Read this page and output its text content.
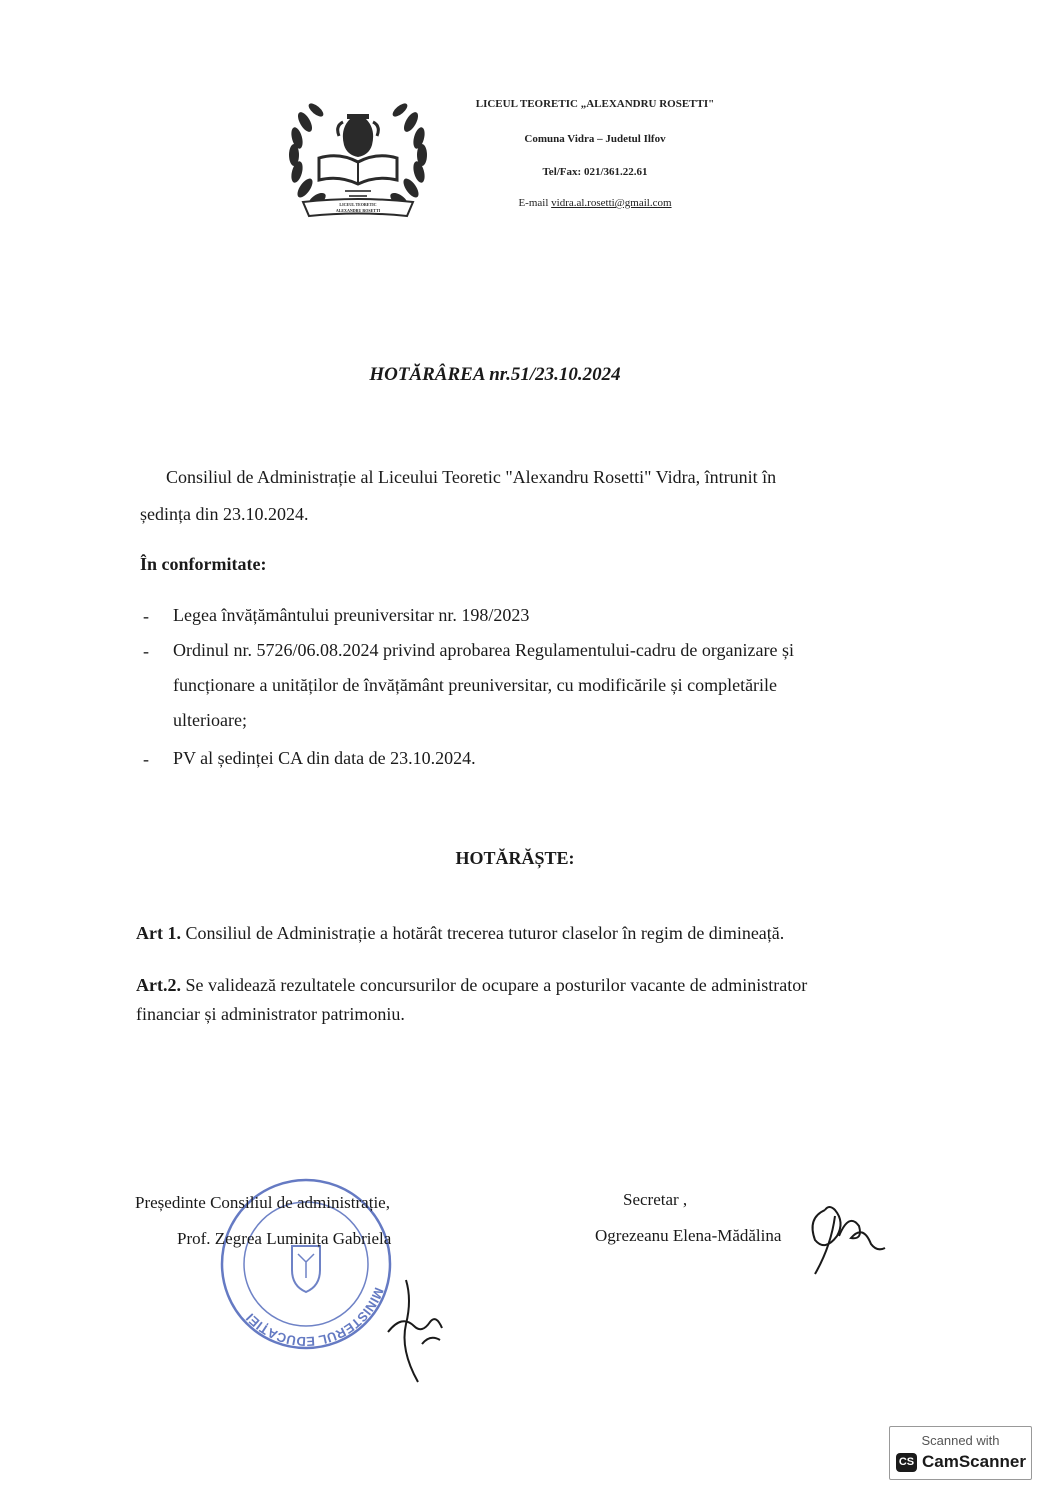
LICEUL TEORETIC
ALEXANDRU ROSETTI
LICEUL TEORETIC „ALEXANDRU ROSETTI"
Comuna Vidra – Judetul Ilfov
Tel/Fax: 021/361.22.61
E-mail vidra.al.rosetti@gmail.com
HOTĂRÂREA nr.51/23.10.2024
Consiliul de Administrație al Liceului Teoretic "Alexandru Rosetti" Vidra, întrunit în
ședința din 23.10.2024.
În conformitate:
- Legea învățământului preuniversitar nr. 198/2023
- Ordinul nr. 5726/06.08.2024 privind aprobarea Regulamentului-cadru de organizare și
funcționare a unităților de învățământ preuniversitar, cu modificările și completările
ulterioare;
- PV al ședinței CA din data de 23.10.2024.
HOTĂRĂȘTE:
Art 1. Consiliul de Administrație a hotărât trecerea tuturor claselor în regim de dimineață.
Art.2. Se validează rezultatele concursurilor de ocupare a posturilor vacante de administrator
financiar și administrator patrimoniu.
MINISTERUL EDUCAȚIEI
Președinte Consiliul de administrație,
Prof. Zegrea Luminița Gabriela
Secretar ,
Ogrezeanu Elena-Mădălina
Scanned with
CS CamScanner
